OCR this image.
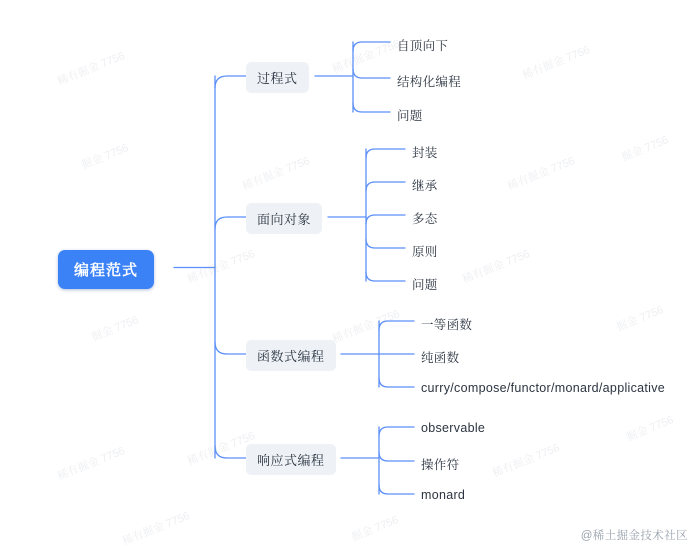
稀有掘金 7756	稀有掘金 7756	稀有掘金 7756
掘金 7756	稀有掘金 7756	稀有掘金 7756
掘金 7756
稀有掘金 7756	稀有掘金 7756
掘金 7756	稀有掘金 7756	掘金 7756
稀有掘金 7756	稀有掘金 7756	稀有掘金 7756
掘金 7756
稀有掘金 7756	掘金 7756
编程范式
过程式
自顶向下
结构化编程
问题
面向对象
封装
继承
多态
原则
问题
函数式编程
一等函数
纯函数
curry/compose/functor/monard/applicative
响应式编程
observable
操作符
monard
@稀土掘金技术社区
